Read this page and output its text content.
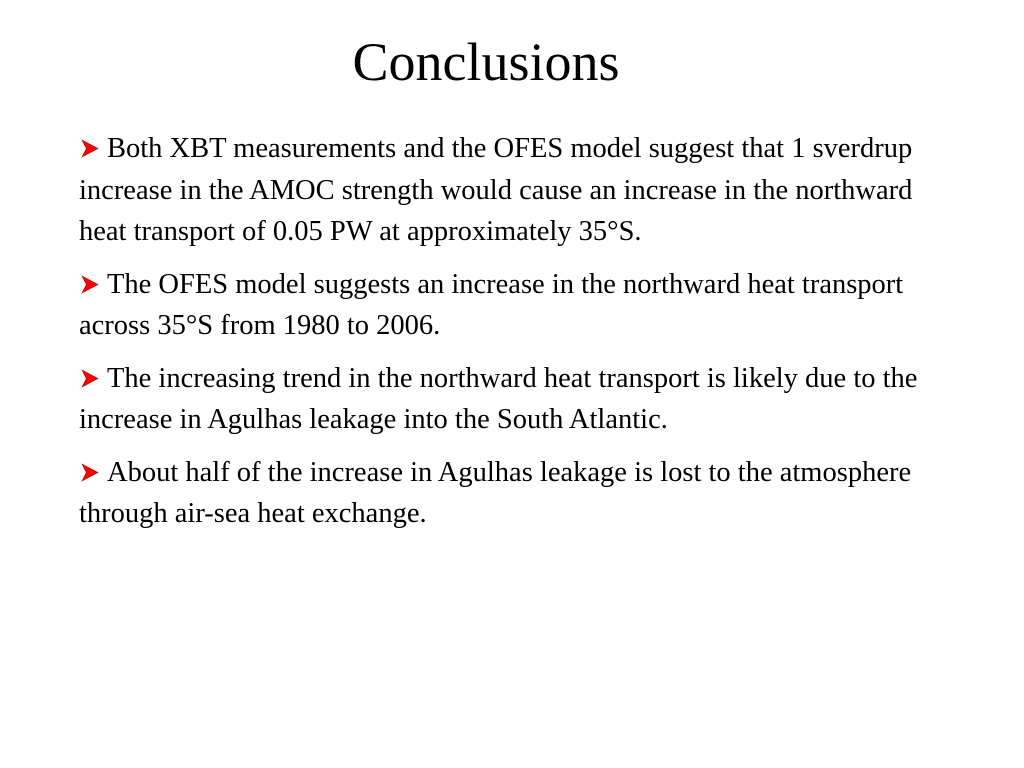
Conclusions
Both XBT measurements and the OFES model suggest that 1 sverdrup increase in the AMOC strength would cause an increase in the northward heat transport of 0.05 PW at approximately 35°S.
The OFES model suggests an increase in the northward heat transport across 35°S from 1980 to 2006.
The increasing trend in the northward heat transport is likely due to the increase in Agulhas leakage into the South Atlantic.
About half of the increase in Agulhas leakage is lost to the atmosphere through air-sea heat exchange.
